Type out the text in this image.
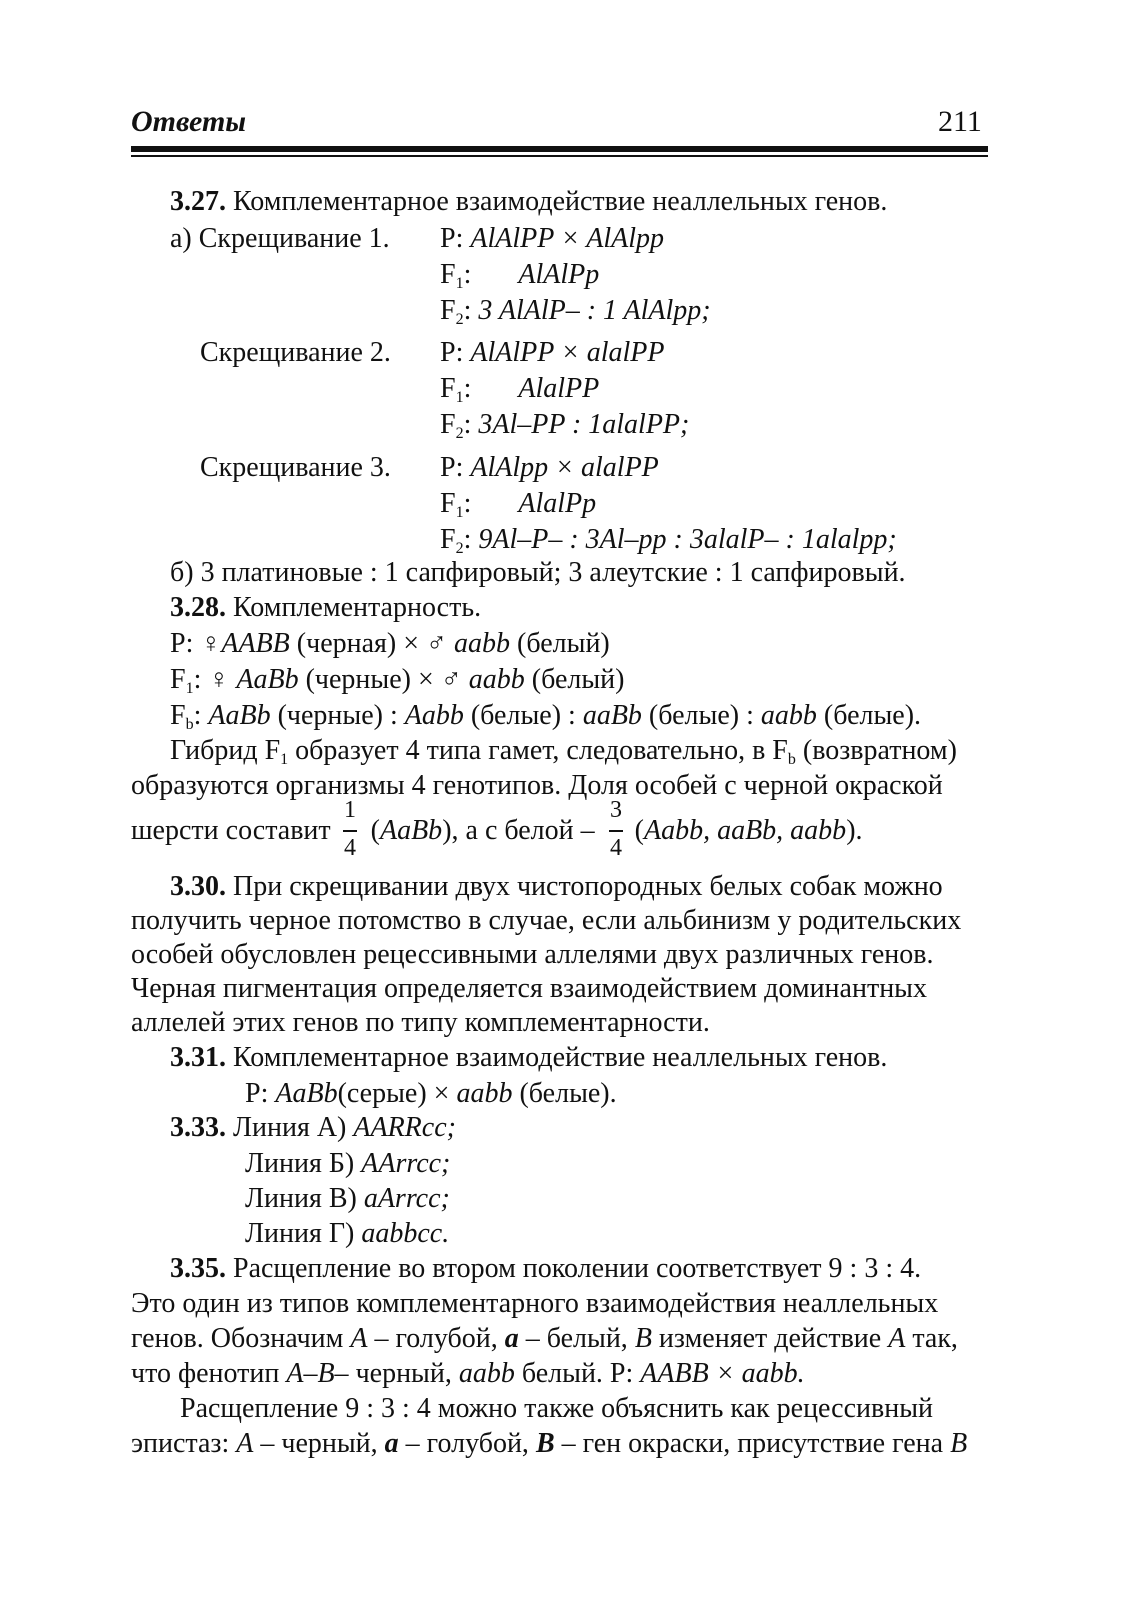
Ответы	211
3.27. Комплементарное взаимодействие неаллельных генов.
а) Скрещивание 1. P: AlAlPP × AlAlpp
$F_1$: AlAlPp
$F_2$: 3 AlAlP– : 1 AlAlpp;
Скрещивание 2. P: AlAlPP × alalPP
$F_1$: AlalPP
$F_2$: 3Al–PP : 1alalPP;
Скрещивание 3. P: AlAlpp × alalPP
$F_1$: AlalPp
$F_2$: 9Al–P– : 3Al–pp : 3alalP– : 1alalpp;
б) 3 платиновые : 1 сапфировый; 3 алеутские : 1 сапфировый.
3.28. Комплементарность.
P: ♀AABB (черная) × ♂ aabb (белый)
$F_1$: ♀ AaBb (черные) × ♂ aabb (белый)
$F_b$: AaBb (черные) : Aabb (белые) : aaBb (белые) : aabb (белые).
Гибрид $F_1$ образует 4 типа гамет, следовательно, в $F_b$ (возвратном)
образуются организмы 4 генотипов. Доля особей с черной окраской
шерсти составит (AaBb), а с белой – (Aabb, aaBb, aabb).
1
4
3
4
3.30. При скрещивании двух чистопородных белых собак можно
получить черное потомство в случае, если альбинизм у родительских
особей обусловлен рецессивными аллелями двух различных генов.
Черная пигментация определяется взаимодействием доминантных
аллелей этих генов по типу комплементарности.
3.31. Комплементарное взаимодействие неаллельных генов.
P: AaBb(серые) × aabb (белые).
3.33. Линия А) AARRcc;
Линия Б) AArrcc;
Линия В) aArrcc;
Линия Г) aabbcc.
3.35. Расщепление во втором поколении соответствует 9 : 3 : 4.
Это один из типов комплементарного взаимодействия неаллельных
генов. Обозначим A – голубой, a – белый, B изменяет действие A так,
что фенотип A–B– черный, aabb белый. P: AABB × aabb.
Расщепление 9 : 3 : 4 можно также объяснить как рецессивный
эпистаз: A – черный, a – голубой, B – ген окраски, присутствие гена B
